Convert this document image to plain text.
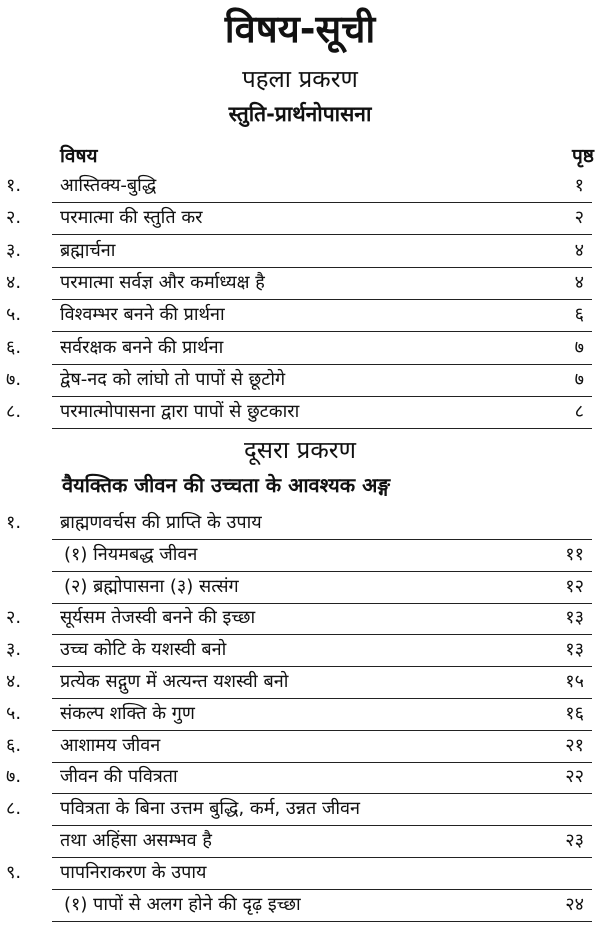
विषय-सूची
पहला प्रकरण
स्तुति-प्रार्थनोपासना
विषय	पृष्ठ
१. आस्तिक्य-बुद्धि	१
२. परमात्मा की स्तुति कर	२
३. ब्रह्मार्चना	४
४. परमात्मा सर्वज्ञ और कर्माध्यक्ष है	४
५. विश्वम्भर बनने की प्रार्थना	६
६. सर्वरक्षक बनने की प्रार्थना	७
७. द्वेष-नद को लांघो तो पापों से छूटोगे	७
८. परमात्मोपासना द्वारा पापों से छुटकारा	८
दूसरा प्रकरण
वैयक्तिक जीवन की उच्चता के आवश्यक अङ्ग
१. ब्राह्मणवर्चस की प्राप्ति के उपाय
(१) नियमबद्ध जीवन	११
(२) ब्रह्मोपासना (३) सत्संग	१२
२. सूर्यसम तेजस्वी बनने की इच्छा	१३
३. उच्च कोटि के यशस्वी बनो	१३
४. प्रत्येक सद्गुण में अत्यन्त यशस्वी बनो	१५
५. संकल्प शक्ति के गुण	१६
६. आशामय जीवन	२१
७. जीवन की पवित्रता	२२
८. पवित्रता के बिना उत्तम बुद्धि, कर्म, उन्नत जीवन
तथा अहिंसा असम्भव है	२३
९. पापनिराकरण के उपाय
(१) पापों से अलग होने की दृढ़ इच्छा	२४
